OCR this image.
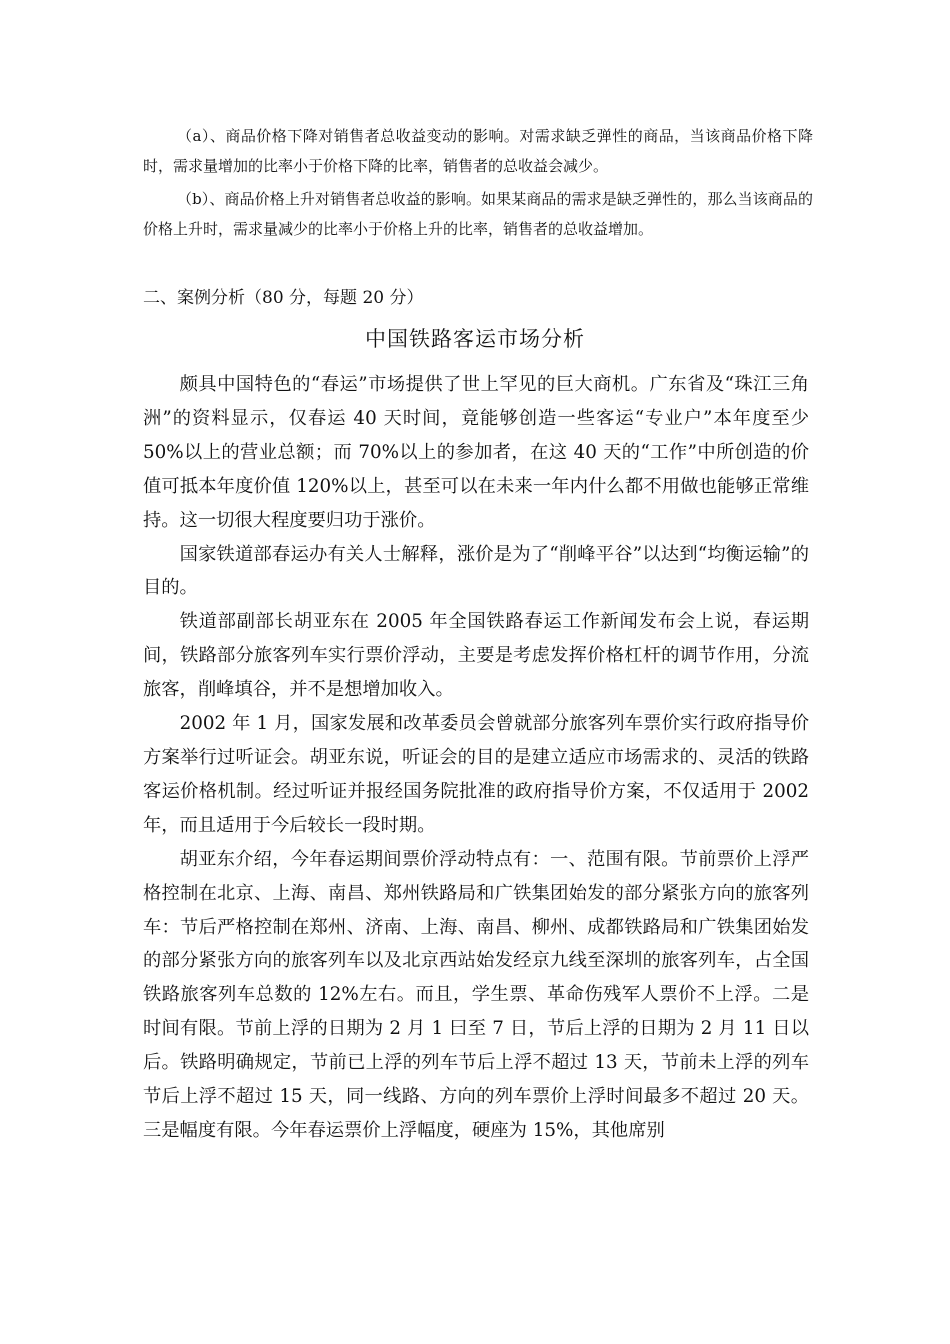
（a）、商品价格下降对销售者总收益变动的影响。对需求缺乏弹性的商品，当该商品价格下降时，需求量增加的比率小于价格下降的比率，销售者的总收益会减少。

（b）、商品价格上升对销售者总收益的影响。如果某商品的需求是缺乏弹性的，那么当该商品的价格上升时，需求量减少的比率小于价格上升的比率，销售者的总收益增加。

二、案例分析（80 分，每题 20 分）
中国铁路客运市场分析

颇具中国特色的“春运”市场提供了世上罕见的巨大商机。广东省及“珠江三角洲”的资料显示，仅春运 40 天时间，竟能够创造一些客运“专业户”本年度至少 50%以上的营业总额；而 70%以上的参加者，在这 40 天的“工作”中所创造的价值可抵本年度价值 120%以上，甚至可以在未来一年内什么都不用做也能够正常维持。这一切很大程度要归功于涨价。

国家铁道部春运办有关人士解释，涨价是为了“削峰平谷”以达到“均衡运输”的目的。

铁道部副部长胡亚东在 2005 年全国铁路春运工作新闻发布会上说，春运期间，铁路部分旅客列车实行票价浮动，主要是考虑发挥价格杠杆的调节作用，分流旅客，削峰填谷，并不是想增加收入。

2002 年 1 月，国家发展和改革委员会曾就部分旅客列车票价实行政府指导价方案举行过听证会。胡亚东说，听证会的目的是建立适应市场需求的、灵活的铁路客运价格机制。经过听证并报经国务院批准的政府指导价方案，不仅适用于 2002 年，而且适用于今后较长一段时期。

胡亚东介绍，今年春运期间票价浮动特点有：一、范围有限。节前票价上浮严格控制在北京、上海、南昌、郑州铁路局和广铁集团始发的部分紧张方向的旅客列车：节后严格控制在郑州、济南、上海、南昌、柳州、成都铁路局和广铁集团始发的部分紧张方向的旅客列车以及北京西站始发经京九线至深圳的旅客列车，占全国铁路旅客列车总数的 12%左右。而且，学生票、革命伤残军人票价不上浮。二是时间有限。节前上浮的日期为 2 月 1 曰至 7 日，节后上浮的日期为 2 月 11 日以后。铁路明确规定，节前已上浮的列车节后上浮不超过 13 天，节前未上浮的列车节后上浮不超过 15 天，同一线路、方向的列车票价上浮时间最多不超过 20 天。三是幅度有限。今年春运票价上浮幅度，硬座为 15%，其他席别
